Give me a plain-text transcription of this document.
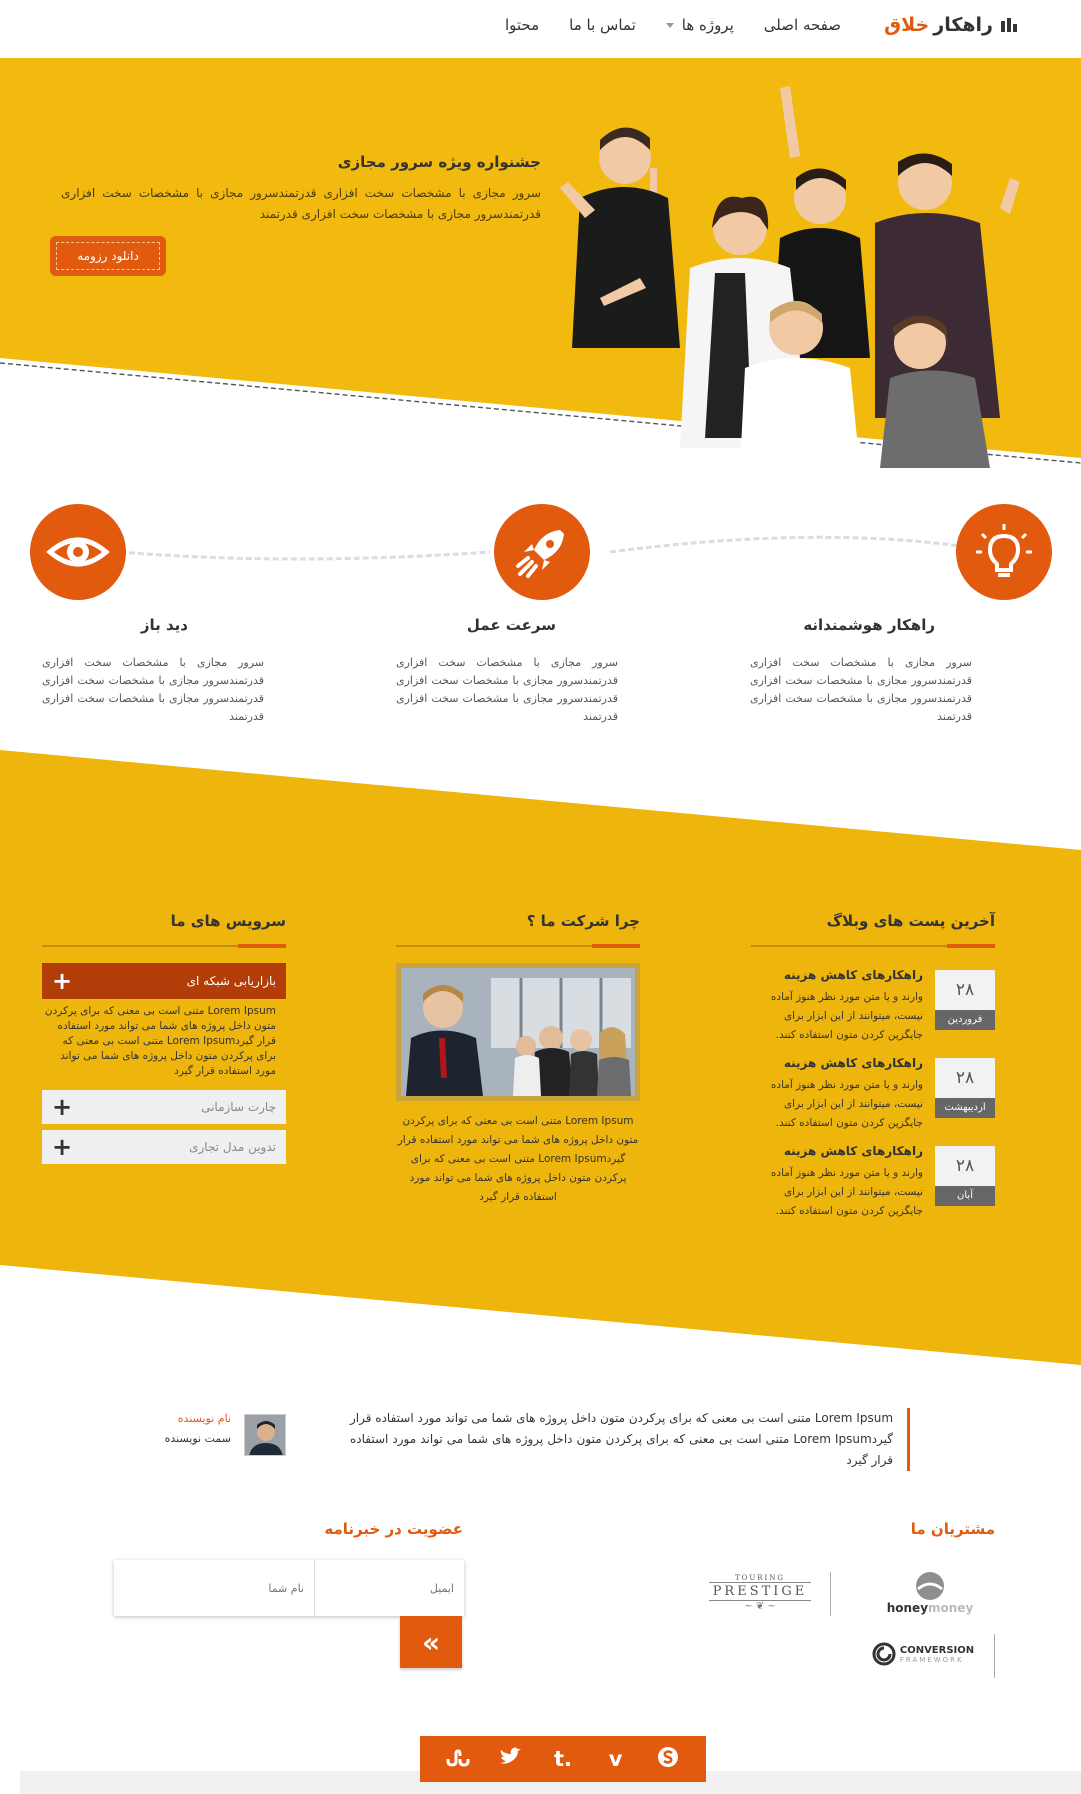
راهکار
خلاق
صفحه اصلی
پروژه ها
تماس با ما
محتوا
جشنواره ویژه سرور مجازی
سرور مجازی با مشخصات سخت افزاری قدرتمندسرور مجازی با مشخصات سخت افزاری قدرتمندسرور مجازی با مشخصات سخت افزاری قدرتمند
دانلود رزومه
راهکار هوشمندانه
سرعت عمل
دید باز
سرور مجازی با مشخصات سخت افزاری قدرتمندسرور مجازی با مشخصات سخت افزاری قدرتمندسرور مجازی با مشخصات سخت افزاری قدرتمند
سرور مجازی با مشخصات سخت افزاری قدرتمندسرور مجازی با مشخصات سخت افزاری قدرتمندسرور مجازی با مشخصات سخت افزاری قدرتمند
سرور مجازی با مشخصات سخت افزاری قدرتمندسرور مجازی با مشخصات سخت افزاری قدرتمندسرور مجازی با مشخصات سخت افزاری قدرتمند
آخرین پست های وبلاگ
۲۸
فروردین
راهکارهای کاهش هزینه
وارند و یا متن مورد نظر هنوز آماده نیست، میتوانند از این ابزار برای جایگزین کردن متون استفاده کنند.
۲۸
اردیبهشت
راهکارهای کاهش هزینه
وارند و یا متن مورد نظر هنوز آماده نیست، میتوانند از این ابزار برای جایگزین کردن متون استفاده کنند.
۲۸
آبان
راهکارهای کاهش هزینه
وارند و یا متن مورد نظر هنوز آماده نیست، میتوانند از این ابزار برای جایگزین کردن متون استفاده کنند.
چرا شرکت ما ؟
Lorem Ipsum متنی است بی معنی که برای پرکردن متون داخل پروژه های شما می تواند مورد استفاده قرار گیردLorem Ipsum متنی است بی معنی که برای پرکردن متون داخل پروژه های شما می تواند مورد استفاده قرار گیرد
سرویس های ما
بازاریابی شبکه ای
+
Lorem Ipsum متنی است بی معنی که برای پرکردن متون داخل پروژه های شما می تواند مورد استفاده قرار گیردLorem Ipsum متنی است بی معنی که برای پرکردن متون داخل پروژه های شما می تواند مورد استفاده قرار گیرد
چارت سازمانی
+
تدوین مدل تجاری
+
Lorem Ipsum متنی است بی معنی که برای پرکردن متون داخل پروژه های شما می تواند مورد استفاده قرار گیردLorem Ipsum متنی است بی معنی که برای پرکردن متون داخل پروژه های شما می تواند مورد استفاده قرار گیرد
نام نویسنده
سمت نویسنده
مشتریان ما
honeymoney
TOURING
PRESTIGE
~ ❦ ~
CONVERSION
FRAMEWORK
عضویت در خبرنامه
ایمیل
نام شما
«
t.	v
